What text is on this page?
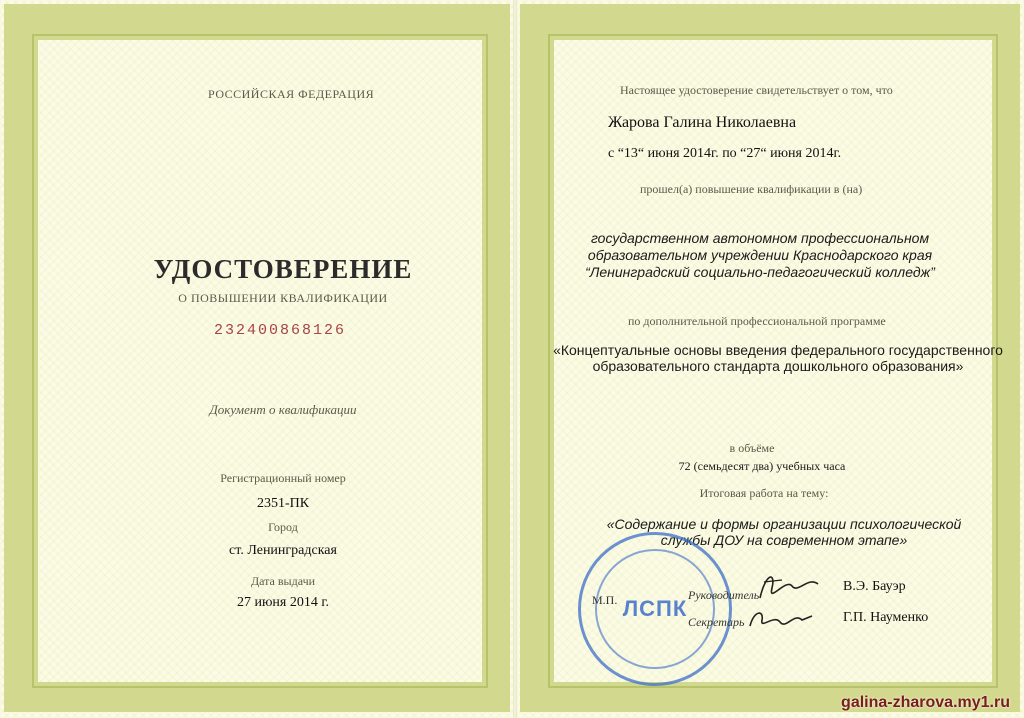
РОССИЙСКАЯ ФЕДЕРАЦИЯ
УДОСТОВЕРЕНИЕ
О ПОВЫШЕНИИ КВАЛИФИКАЦИИ
232400868126
Документ о квалификации
Регистрационный номер
2351-ПК
Город
ст. Ленинградская
Дата выдачи
27 июня 2014 г.
Настоящее удостоверение свидетельствует о том, что
Жарова Галина Николаевна
с “13“ июня 2014г. по “27“ июня 2014г.
прошел(а) повышение квалификации в (на)
государственном автономном профессиональном
образовательном учреждении Краснодарского края
“Ленинградский социально-педагогический колледж”
по дополнительной профессиональной программе
«Концептуальные основы введения федерального государственного
образовательного стандарта дошкольного образования»
в объёме
72 (семьдесят два) учебных часа
Итоговая работа на тему:
«Содержание и формы организации психологической
службы ДОУ на современном этапе»
ЛСПК
М.П.	Руководитель
Секретарь
В.Э. Бауэр
Г.П. Науменко
galina-zharova.my1.ru
